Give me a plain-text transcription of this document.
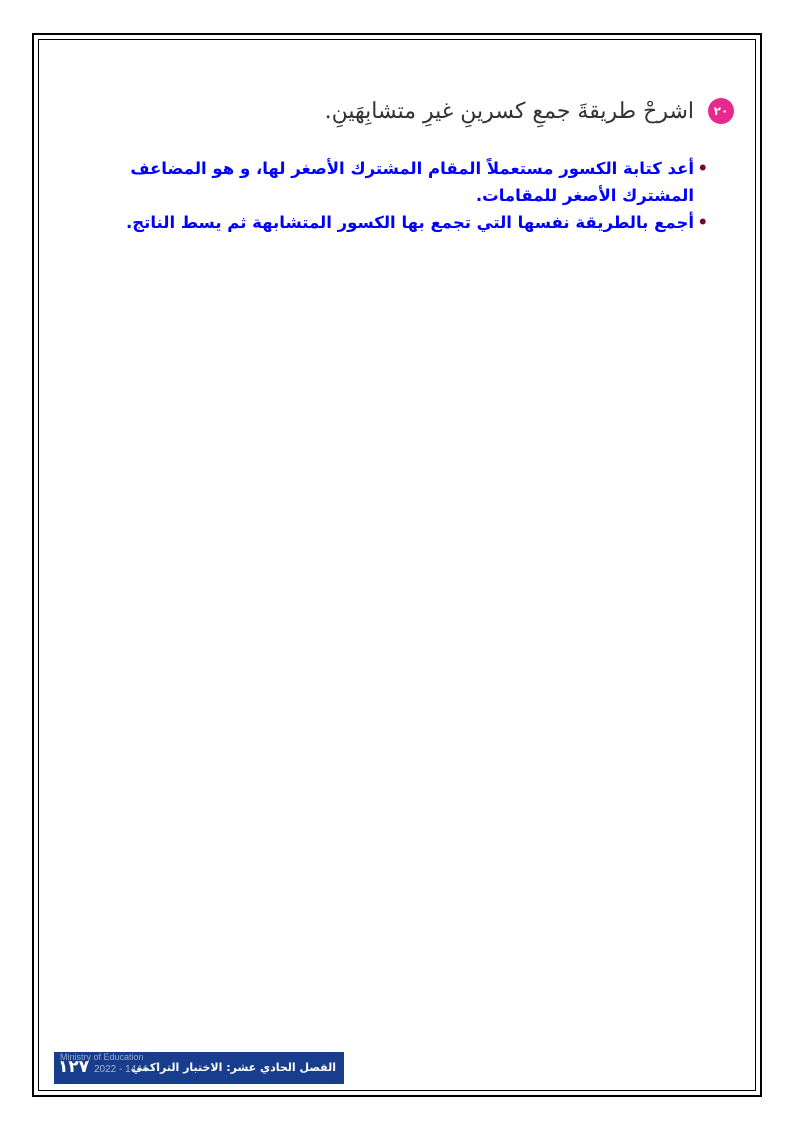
٢٠
اشرحْ طريقةَ جمعِ كسرينِ غيرِ متشابِهَينِ.
•
أعد كتابة الكسور مستعملاً المقام المشترك الأصغر لها، و هو المضاعف المشترك الأصغر للمقامات.
•
أجمع بالطريقة نفسها التي تجمع بها الكسور المتشابهة ثم يسط الناتج.
Ministry of Education
2022 - 1444
١٢٧	الفصل الحادي عشر: الاختبار التراكمي
